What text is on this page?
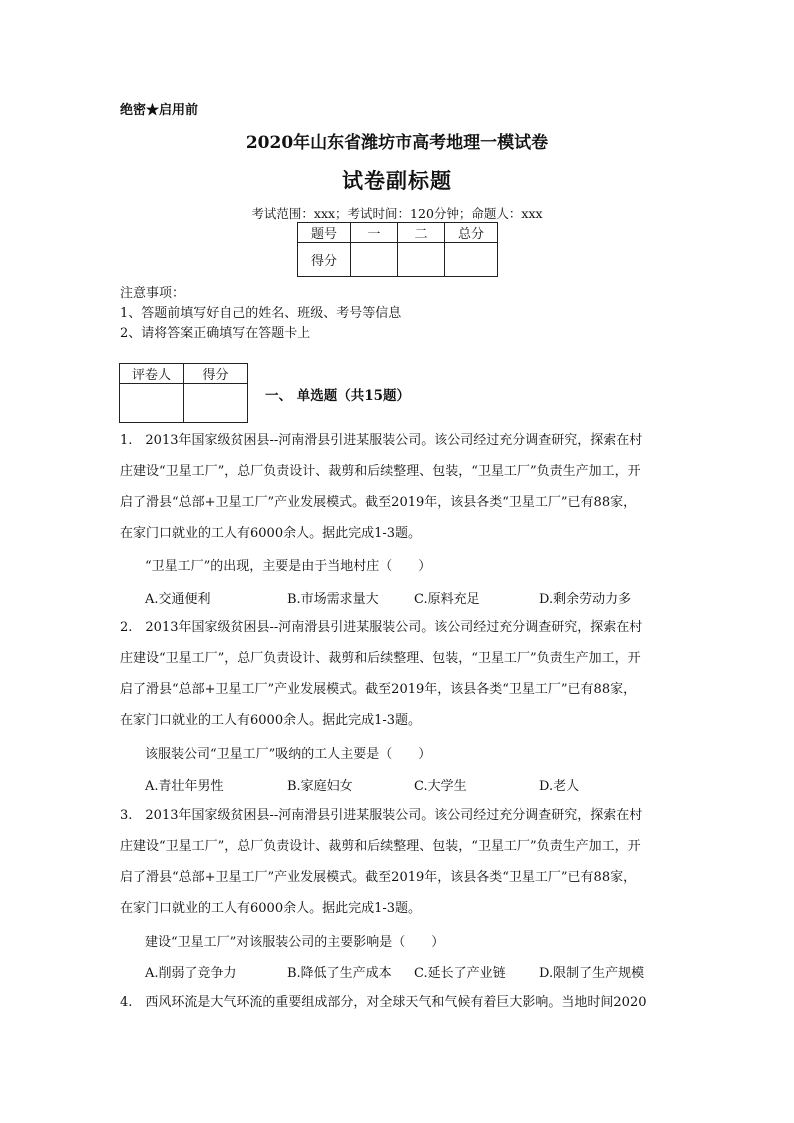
绝密★启用前
2020年山东省潍坊市高考地理一模试卷
试卷副标题
考试范围：xxx；考试时间：120分钟；命题人：xxx
题号	一	二	总分
得分			
注意事项：
1、答题前填写好自己的姓名、班级、考号等信息
2、请将答案正确填写在答题卡上
评卷人	得分

一、 单选题（共15题）
1.　2013年国家级贫困县--河南滑县引进某服装公司。该公司经过充分调查研究，探索在村
庄建设“卫星工厂”，总厂负责设计、裁剪和后续整理、包装，“卫星工厂”负责生产加工，开
启了滑县“总部+卫星工厂”产业发展模式。截至2019年，该县各类“卫星工厂”已有88家，
在家门口就业的工人有6000余人。据此完成1-3题。
“卫星工厂”的出现，主要是由于当地村庄（　　）
A.交通便利	B.市场需求量大	C.原料充足	D.剩余劳动力多
2.　2013年国家级贫困县--河南滑县引进某服装公司。该公司经过充分调查研究，探索在村
庄建设“卫星工厂”，总厂负责设计、裁剪和后续整理、包装，“卫星工厂”负责生产加工，开
启了滑县“总部+卫星工厂”产业发展模式。截至2019年，该县各类“卫星工厂”已有88家，
在家门口就业的工人有6000余人。据此完成1-3题。
该服装公司“卫星工厂”吸纳的工人主要是（　　）
A.青壮年男性	B.家庭妇女	C.大学生	D.老人
3.　2013年国家级贫困县--河南滑县引进某服装公司。该公司经过充分调查研究，探索在村
庄建设“卫星工厂”，总厂负责设计、裁剪和后续整理、包装，“卫星工厂”负责生产加工，开
启了滑县“总部+卫星工厂”产业发展模式。截至2019年，该县各类“卫星工厂”已有88家，
在家门口就业的工人有6000余人。据此完成1-3题。
建设“卫星工厂”对该服装公司的主要影响是（　　）
A.削弱了竞争力	B.降低了生产成本 C.延长了产业链	D.限制了生产规模
4.　西风环流是大气环流的重要组成部分，对全球天气和气候有着巨大影响。当地时间2020
